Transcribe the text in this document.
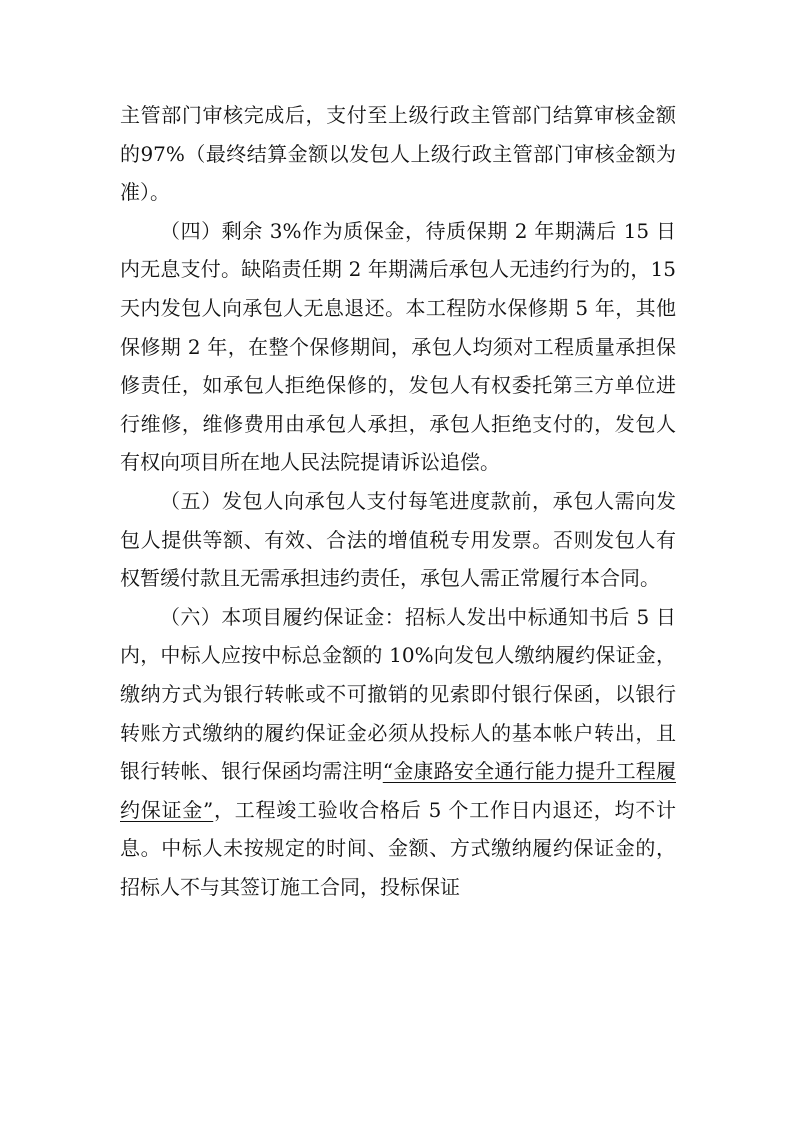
主管部门审核完成后，支付至上级行政主管部门结算审核金额的97%（最终结算金额以发包人上级行政主管部门审核金额为准）。

（四）剩余 3%作为质保金，待质保期 2 年期满后 15 日内无息支付。缺陷责任期 2 年期满后承包人无违约行为的，15 天内发包人向承包人无息退还。本工程防水保修期 5 年，其他保修期 2 年，在整个保修期间，承包人均须对工程质量承担保修责任，如承包人拒绝保修的，发包人有权委托第三方单位进行维修，维修费用由承包人承担，承包人拒绝支付的，发包人有权向项目所在地人民法院提请诉讼追偿。

（五）发包人向承包人支付每笔进度款前，承包人需向发包人提供等额、有效、合法的增值税专用发票。否则发包人有权暂缓付款且无需承担违约责任，承包人需正常履行本合同。

（六）本项目履约保证金：招标人发出中标通知书后 5 日内，中标人应按中标总金额的 10%向发包人缴纳履约保证金，缴纳方式为银行转帐或不可撤销的见索即付银行保函，以银行转账方式缴纳的履约保证金必须从投标人的基本帐户转出，且银行转帐、银行保函均需注明“金康路安全通行能力提升工程履约保证金”，工程竣工验收合格后 5 个工作日内退还，均不计息。中标人未按规定的时间、金额、方式缴纳履约保证金的，招标人不与其签订施工合同，投标保证
